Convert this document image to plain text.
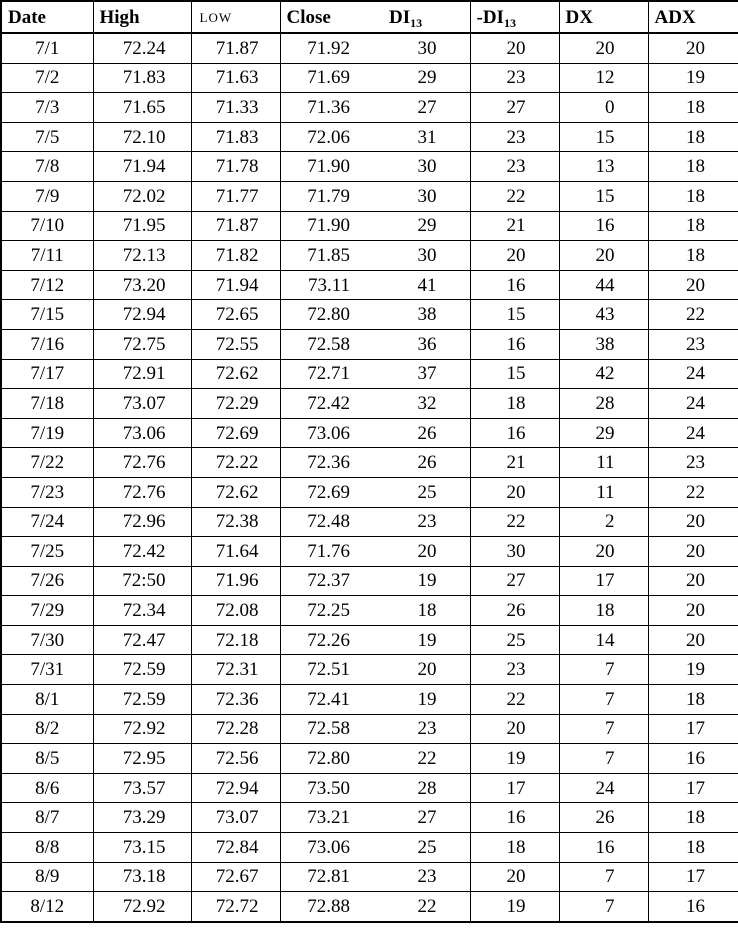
Date	High	LOW	Close	$DI_{13}$	$-DI_{13}$	DX	ADX
7/1	72.24	71.87	71.92	30	20	20	20
7/2	71.83	71.63	71.69	29	23	12	19
7/3	71.65	71.33	71.36	27	27	0	18
7/5	72.10	71.83	72.06	31	23	15	18
7/8	71.94	71.78	71.90	30	23	13	18
7/9	72.02	71.77	71.79	30	22	15	18
7/10	71.95	71.87	71.90	29	21	16	18
7/11	72.13	71.82	71.85	30	20	20	18
7/12	73.20	71.94	73.11	41	16	44	20
7/15	72.94	72.65	72.80	38	15	43	22
7/16	72.75	72.55	72.58	36	16	38	23
7/17	72.91	72.62	72.71	37	15	42	24
7/18	73.07	72.29	72.42	32	18	28	24
7/19	73.06	72.69	73.06	26	16	29	24
7/22	72.76	72.22	72.36	26	21	11	23
7/23	72.76	72.62	72.69	25	20	11	22
7/24	72.96	72.38	72.48	23	22	2	20
7/25	72.42	71.64	71.76	20	30	20	20
7/26	72:50	71.96	72.37	19	27	17	20
7/29	72.34	72.08	72.25	18	26	18	20
7/30	72.47	72.18	72.26	19	25	14	20
7/31	72.59	72.31	72.51	20	23	7	19
8/1	72.59	72.36	72.41	19	22	7	18
8/2	72.92	72.28	72.58	23	20	7	17
8/5	72.95	72.56	72.80	22	19	7	16
8/6	73.57	72.94	73.50	28	17	24	17
8/7	73.29	73.07	73.21	27	16	26	18
8/8	73.15	72.84	73.06	25	18	16	18
8/9	73.18	72.67	72.81	23	20	7	17
8/12	72.92	72.72	72.88	22	19	7	16
